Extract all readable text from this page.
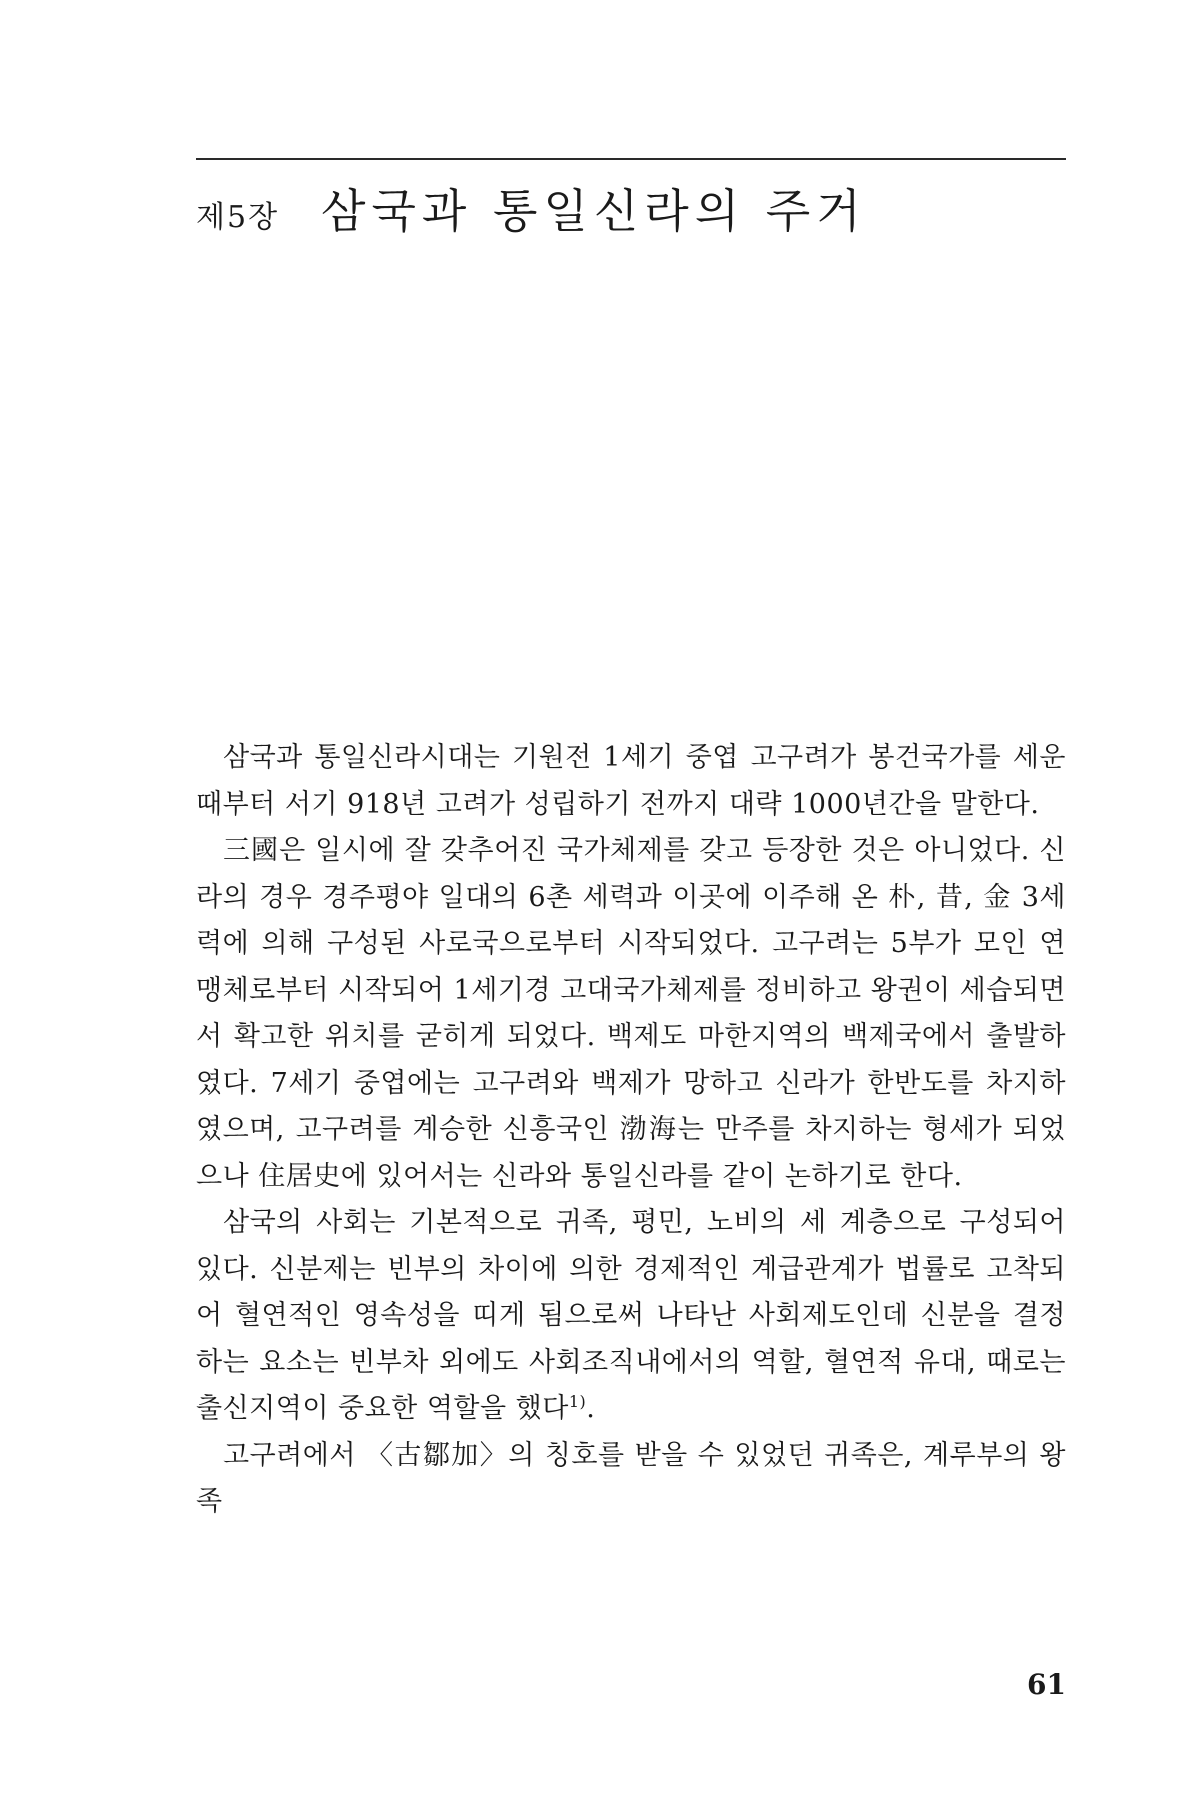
제5장 삼국과 통일신라의 주거

삼국과 통일신라시대는 기원전 1세기 중엽 고구려가 봉건국가를 세운 때부터 서기 918년 고려가 성립하기 전까지 대략 1000년간을 말한다.

三國은 일시에 잘 갖추어진 국가체제를 갖고 등장한 것은 아니었다. 신라의 경우 경주평야 일대의 6촌 세력과 이곳에 이주해 온 朴, 昔, 金 3세력에 의해 구성된 사로국으로부터 시작되었다. 고구려는 5부가 모인 연맹체로부터 시작되어 1세기경 고대국가체제를 정비하고 왕권이 세습되면서 확고한 위치를 굳히게 되었다. 백제도 마한지역의 백제국에서 출발하였다. 7세기 중엽에는 고구려와 백제가 망하고 신라가 한반도를 차지하였으며, 고구려를 계승한 신흥국인 渤海는 만주를 차지하는 형세가 되었으나 住居史에 있어서는 신라와 통일신라를 같이 논하기로 한다.

삼국의 사회는 기본적으로 귀족, 평민, 노비의 세 계층으로 구성되어 있다. 신분제는 빈부의 차이에 의한 경제적인 계급관계가 법률로 고착되어 혈연적인 영속성을 띠게 됨으로써 나타난 사회제도인데 신분을 결정하는 요소는 빈부차 외에도 사회조직내에서의 역할, 혈연적 유대, 때로는 출신지역이 중요한 역할을 했다$^{1)}$.

고구려에서 〈古鄒加〉의 칭호를 받을 수 있었던 귀족은, 계루부의 왕족

61
